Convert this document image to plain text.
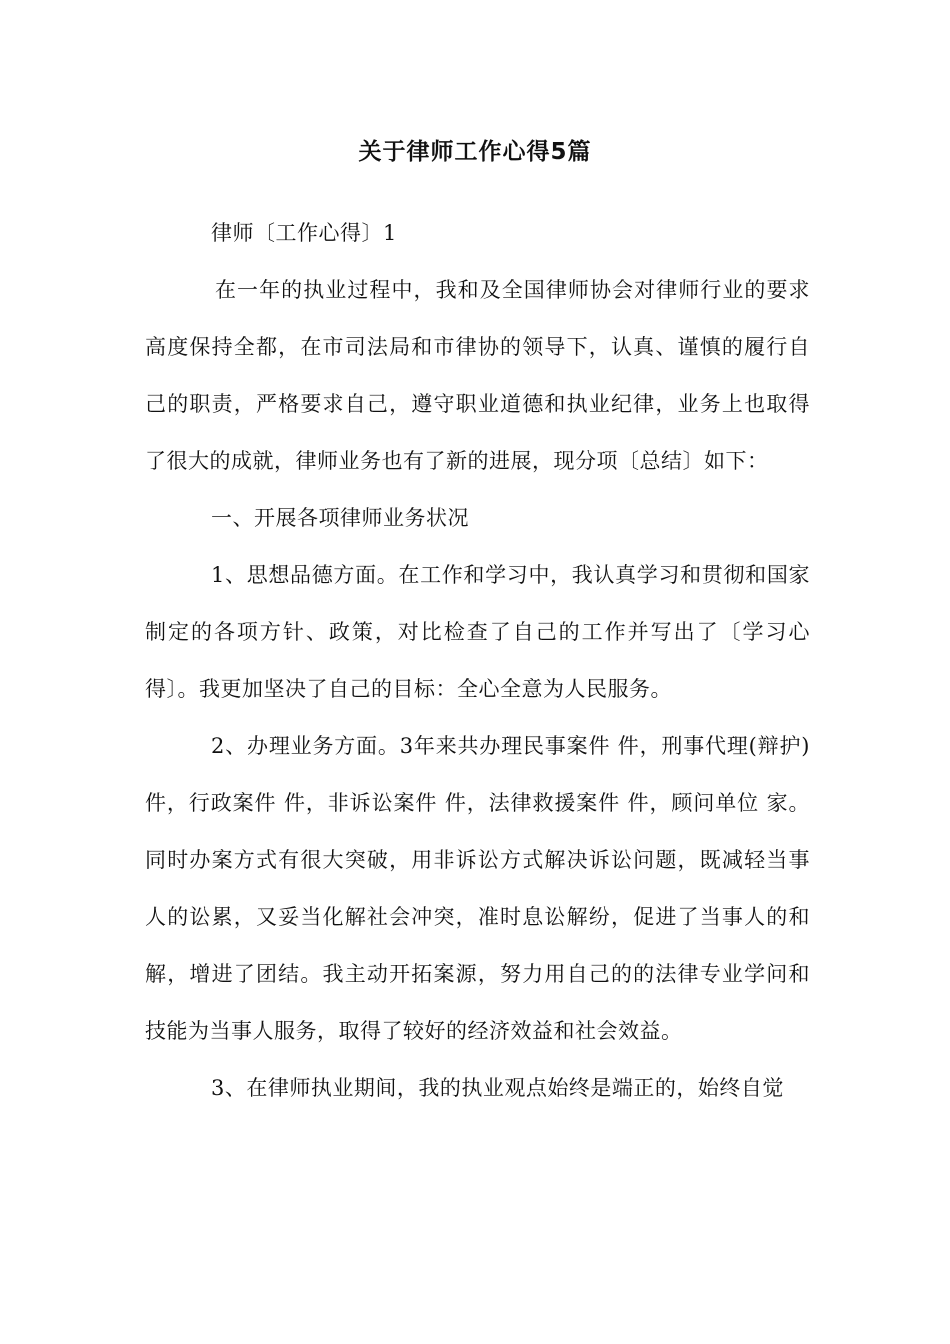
关于律师工作心得5篇

律师〔工作心得〕1

在一年的执业过程中，我和及全国律师协会对律师行业的要求高度保持全都，在市司法局和市律协的领导下，认真、谨慎的履行自己的职责，严格要求自己，遵守职业道德和执业纪律，业务上也取得了很大的成就，律师业务也有了新的进展，现分项〔总结〕如下：

一、开展各项律师业务状况

1、思想品德方面。在工作和学习中，我认真学习和贯彻和国家制定的各项方针、政策，对比检查了自己的工作并写出了〔学习心得〕。我更加坚决了自己的目标：全心全意为人民服务。

2、办理业务方面。3年来共办理民事案件 件，刑事代理(辩护)件，行政案件 件，非诉讼案件 件，法律救援案件 件，顾问单位 家。同时办案方式有很大突破，用非诉讼方式解决诉讼问题，既减轻当事人的讼累，又妥当化解社会冲突，准时息讼解纷，促进了当事人的和解，增进了团结。我主动开拓案源，努力用自己的的法律专业学问和技能为当事人服务，取得了较好的经济效益和社会效益。

3、在律师执业期间，我的执业观点始终是端正的，始终自觉
